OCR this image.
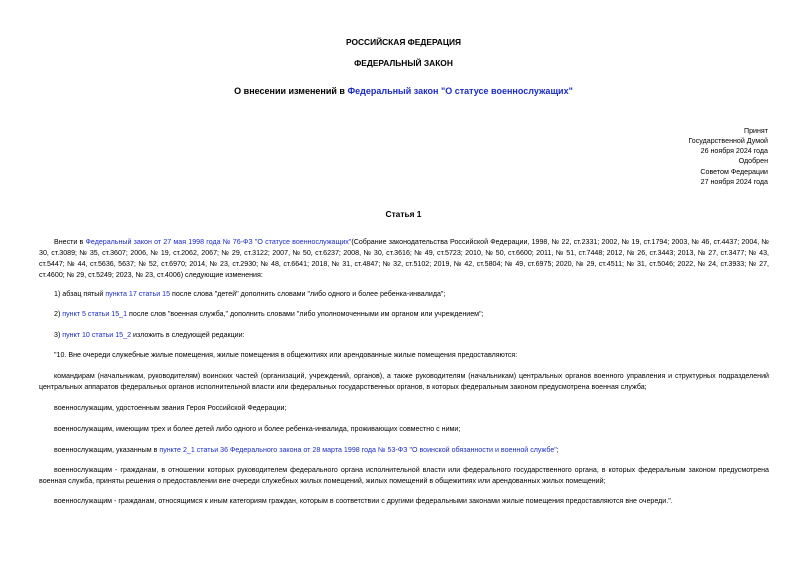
РОССИЙСКАЯ ФЕДЕРАЦИЯ
ФЕДЕРАЛЬНЫЙ ЗАКОН
О внесении изменений в Федеральный закон "О статусе военнослужащих"
Принят
Государственной Думой
26 ноября 2024 года
Одобрен
Советом Федерации
27 ноября 2024 года
Статья 1
Внести в Федеральный закон от 27 мая 1998 года № 76-ФЗ "О статусе военнослужащих"(Собрание законодательства Российской Федерации, 1998, № 22, ст.2331; 2002, № 19, ст.1794; 2003, № 46, ст.4437; 2004, № 30, ст.3089; № 35, ст.3607; 2006, № 19, ст.2062, 2067; № 29, ст.3122; 2007, № 50, ст.6237; 2008, № 30, ст.3616; № 49, ст.5723; 2010, № 50, ст.6600; 2011, № 51, ст.7448; 2012, № 26, ст.3443; 2013, № 27, ст.3477; № 43, ст.5447; № 44, ст.5636, 5637; № 52, ст.6970; 2014, № 23, ст.2930; № 48, ст.6641; 2018, № 31, ст.4847; № 32, ст.5102; 2019, № 42, ст.5804; № 49, ст.6975; 2020, № 29, ст.4511; № 31, ст.5046; 2022, № 24, ст.3933; № 27, ст.4600; № 29, ст.5249; 2023, № 23, ст.4006) следующие изменения:
1) абзац пятый пункта 17 статьи 15 после слова "детей" дополнить словами "либо одного и более ребенка-инвалида";
2) пункт 5 статьи 15_1 после слов "военная служба," дополнить словами "либо уполномоченными им органом или учреждением";
3) пункт 10 статьи 15_2 изложить в следующей редакции:
"10. Вне очереди служебные жилые помещения, жилые помещения в общежитиях или арендованные жилые помещения предоставляются:
командирам (начальникам, руководителям) воинских частей (организаций, учреждений, органов), а также руководителям (начальникам) центральных органов военного управления и структурных подразделений центральных аппаратов федеральных органов исполнительной власти или федеральных государственных органов, в которых федеральным законом предусмотрена военная служба;
военнослужащим, удостоенным звания Героя Российской Федерации;
военнослужащим, имеющим трех и более детей либо одного и более ребенка-инвалида, проживающих совместно с ними;
военнослужащим, указанным в пункте 2_1 статьи 36 Федерального закона от 28 марта 1998 года № 53-ФЗ "О воинской обязанности и военной службе";
военнослужащим - гражданам, в отношении которых руководителем федерального органа исполнительной власти или федерального государственного органа, в которых федеральным законом предусмотрена военная служба, приняты решения о предоставлении вне очереди служебных жилых помещений, жилых помещений в общежитиях или арендованных жилых помещений;
военнослужащим - гражданам, относящимся к иным категориям граждан, которым в соответствии с другими федеральными законами жилые помещения предоставляются вне очереди.".
